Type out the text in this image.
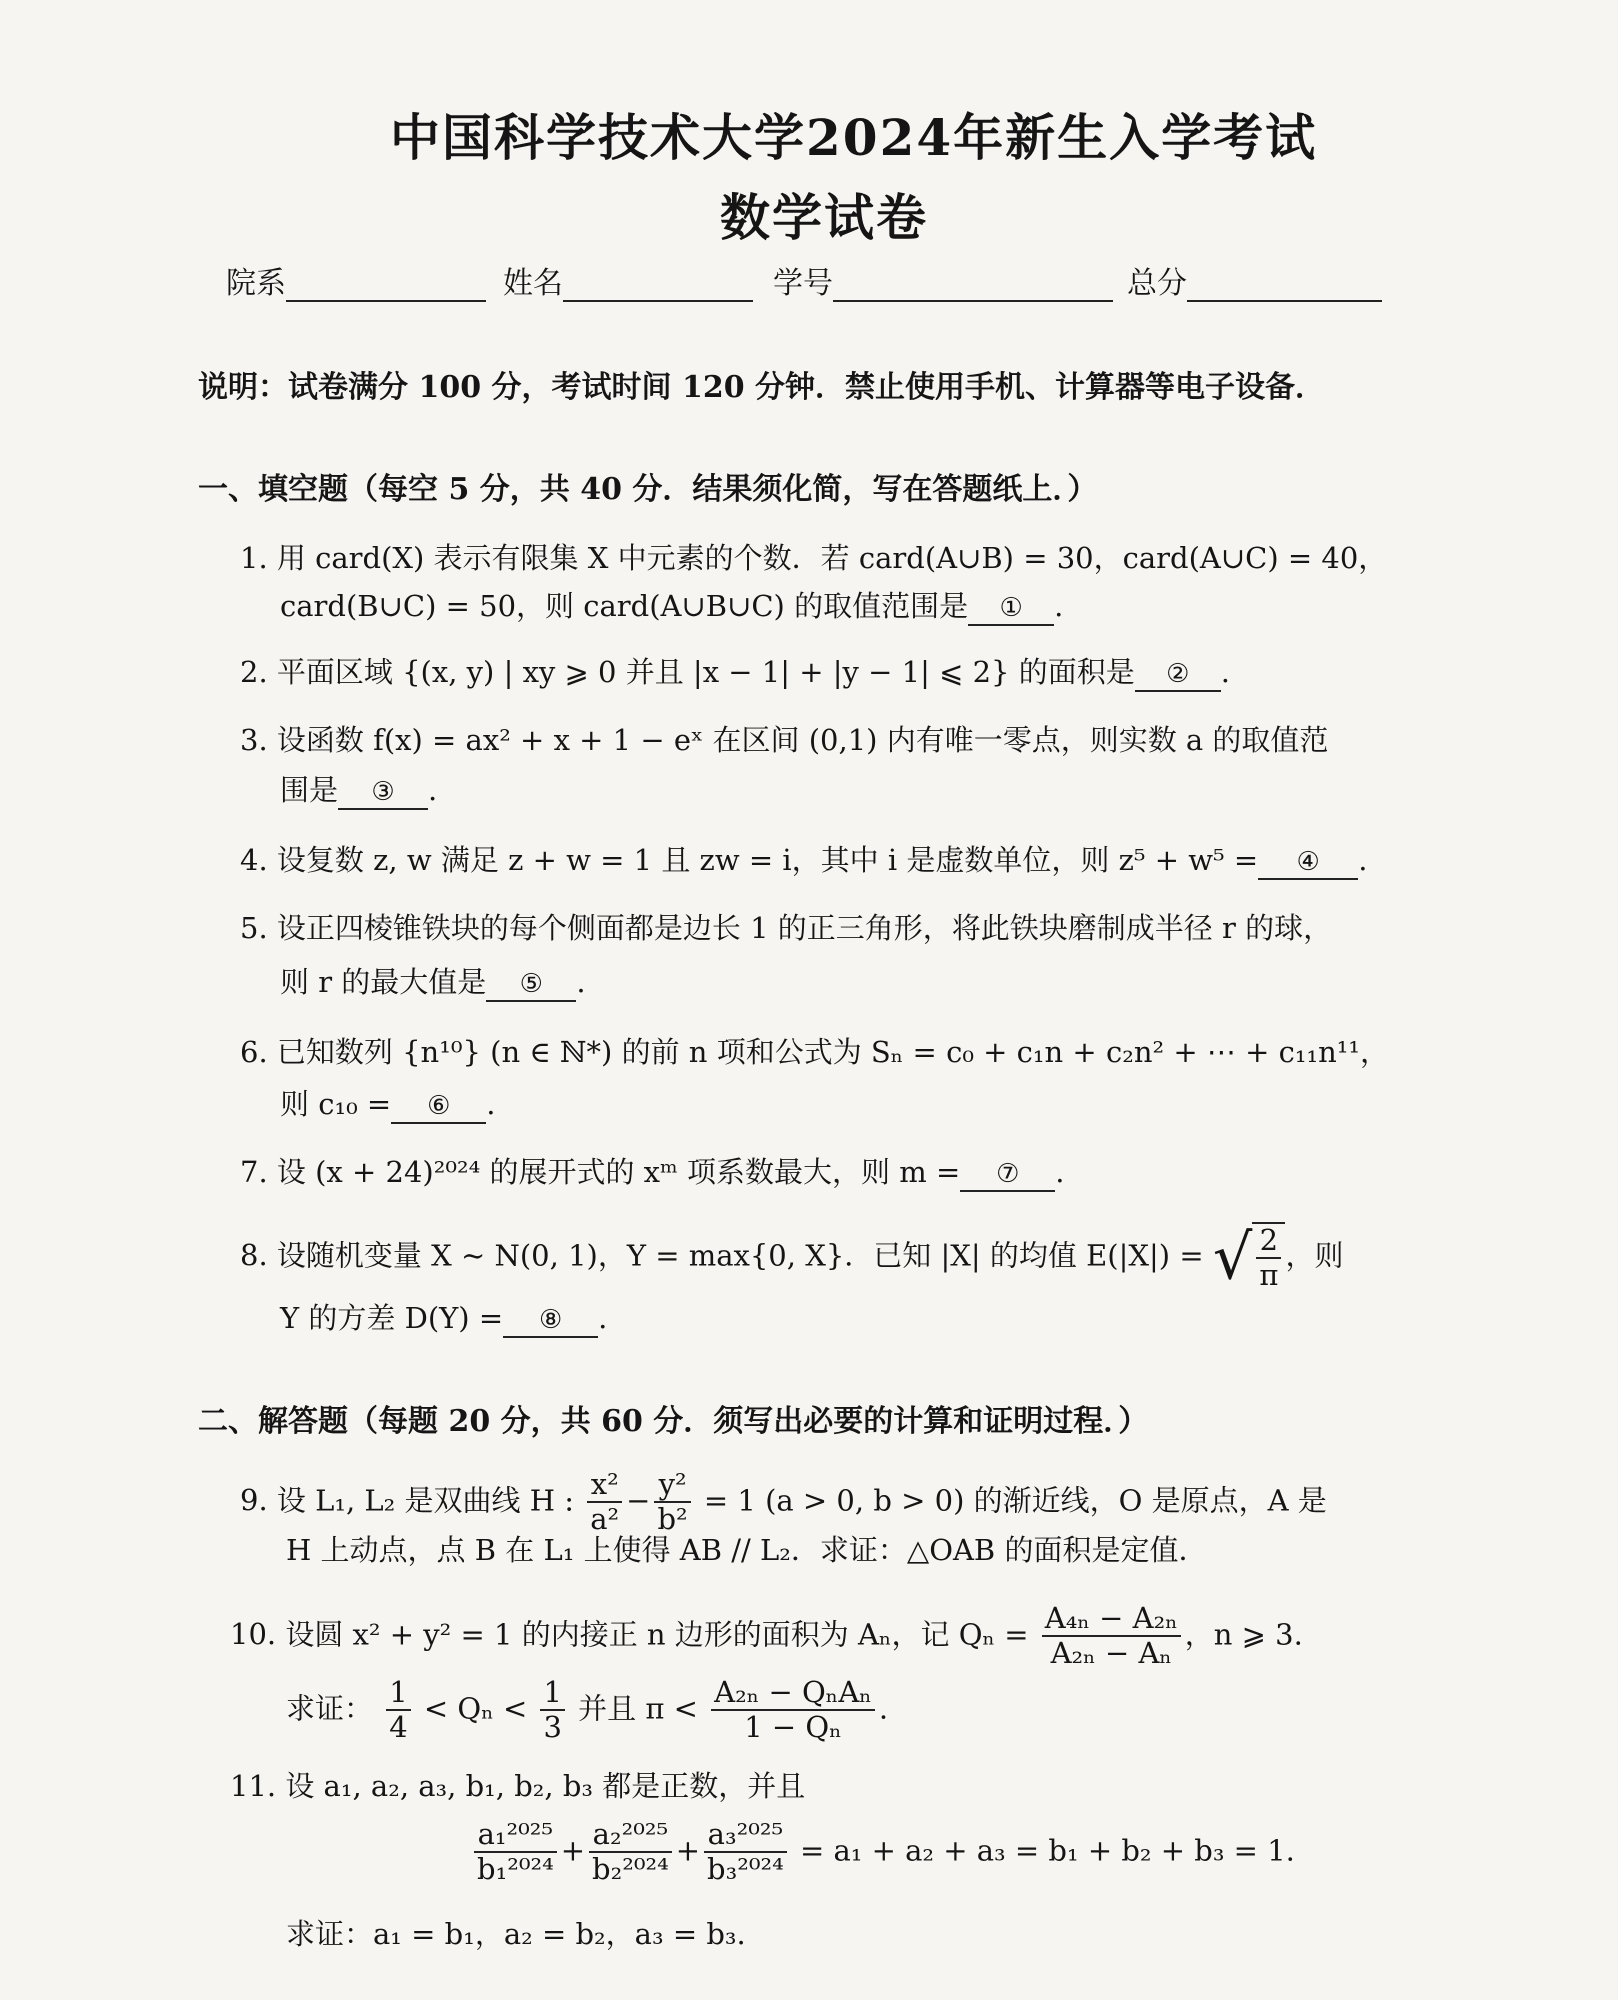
中国科学技术大学2024年新生入学考试
数学试卷
院系	姓名	学号	总分
说明：试卷满分 100 分，考试时间 120 分钟．禁止使用手机、计算器等电子设备．
一、填空题（每空 5 分，共 40 分．结果须化简，写在答题纸上．）
1. 用 card(X) 表示有限集 X 中元素的个数．若 card(A∪B) = 30，card(A∪C) = 40，
card(B∪C) = 50，则 card(A∪B∪C) 的取值范围是 ① .
2. 平面区域 {(x, y) | xy ⩾ 0 并且 |x − 1| + |y − 1| ⩽ 2} 的面积是 ② .
3. 设函数 f(x) = ax² + x + 1 − eˣ 在区间 (0,1) 内有唯一零点，则实数 a 的取值范
围是 ③ .
4. 设复数 z, w 满足 z + w = 1 且 zw = i，其中 i 是虚数单位，则 z⁵ + w⁵ = ④ .
5. 设正四棱锥铁块的每个侧面都是边长 1 的正三角形，将此铁块磨制成半径 r 的球，
则 r 的最大值是 ⑤ .
6. 已知数列 {n¹⁰} (n ∈ ℕ*) 的前 n 项和公式为 Sₙ = c₀ + c₁n + c₂n² + ⋯ + c₁₁n¹¹，
则 c₁₀ = ⑥ .
7. 设 (x + 24)²⁰²⁴ 的展开式的 xᵐ 项系数最大，则 m = ⑦ .
8. 设随机变量 X ∼ N(0, 1)，Y = max{0, X}．已知 |X| 的均值 E(|X|) = √ $\frac{2}{\pi}$ ，则
Y 的方差 D(Y) = ⑧ .
二、解答题（每题 20 分，共 60 分．须写出必要的计算和证明过程．）
9. 设 L₁, L₂ 是双曲线 H : $\frac{\text{x²}}{\text{a²}} - \frac{\text{y²}}{\text{b²}} = 1$ (a > 0, b > 0) 的渐近线，O 是原点，A 是
H 上动点，点 B 在 L₁ 上使得 AB // L₂．求证：△OAB 的面积是定值．
10. 设圆 x² + y² = 1 的内接正 n 边形的面积为 Aₙ，记 $Q_n = \frac{\text{A₄ₙ − A₂ₙ}}{\text{A₂ₙ − Aₙ}}$ ，n ⩾ 3.
求证： $\frac{1}{4} < Q_n < \frac{1}{3}$ 并且 $\pi < \frac{\text{A₂ₙ − QₙAₙ}}{\text{1 − Qₙ}}$ .
11. 设 a₁, a₂, a₃, b₁, b₂, b₃ 都是正数，并且
$\frac{\text{a₁²⁰²⁵}}{\text{b₁²⁰²⁴}} + \frac{\text{a₂²⁰²⁵}}{\text{b₂²⁰²⁴}} + \frac{\text{a₃²⁰²⁵}}{\text{b₃²⁰²⁴}} = a_1 + a_2 + a_3 = b_1 + b_2 + b_3 = 1$.
求证：a₁ = b₁，a₂ = b₂，a₃ = b₃.
